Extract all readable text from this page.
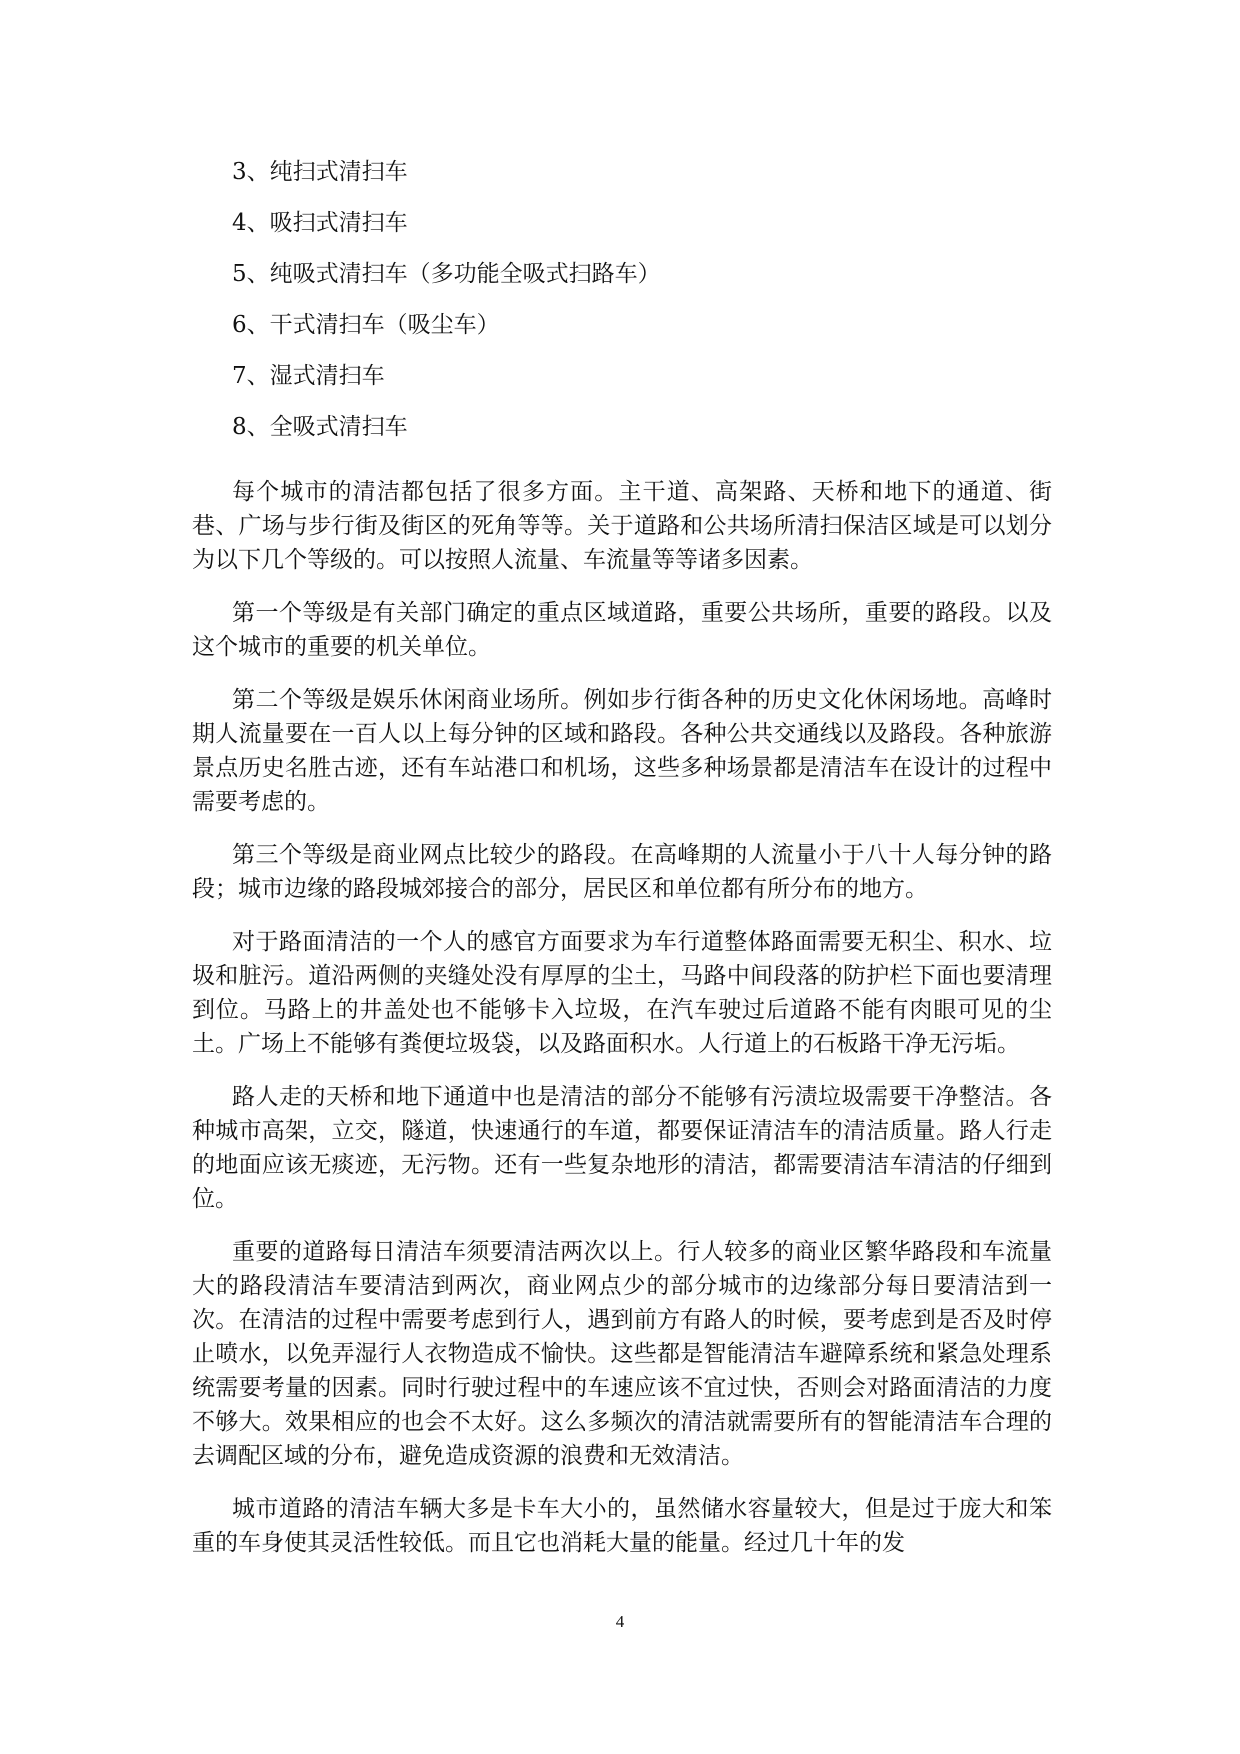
3、纯扫式清扫车
4、吸扫式清扫车
5、纯吸式清扫车（多功能全吸式扫路车）
6、干式清扫车（吸尘车）
7、湿式清扫车
8、全吸式清扫车

每个城市的清洁都包括了很多方面。主干道、高架路、天桥和地下的通道、街巷、广场与步行街及街区的死角等等。关于道路和公共场所清扫保洁区域是可以划分为以下几个等级的。可以按照人流量、车流量等等诸多因素。

第一个等级是有关部门确定的重点区域道路，重要公共场所，重要的路段。以及这个城市的重要的机关单位。

第二个等级是娱乐休闲商业场所。例如步行街各种的历史文化休闲场地。高峰时期人流量要在一百人以上每分钟的区域和路段。各种公共交通线以及路段。各种旅游景点历史名胜古迹，还有车站港口和机场，这些多种场景都是清洁车在设计的过程中需要考虑的。

第三个等级是商业网点比较少的路段。在高峰期的人流量小于八十人每分钟的路段；城市边缘的路段城郊接合的部分，居民区和单位都有所分布的地方。

对于路面清洁的一个人的感官方面要求为车行道整体路面需要无积尘、积水、垃圾和脏污。道沿两侧的夹缝处没有厚厚的尘土，马路中间段落的防护栏下面也要清理到位。马路上的井盖处也不能够卡入垃圾，在汽车驶过后道路不能有肉眼可见的尘土。广场上不能够有粪便垃圾袋，以及路面积水。人行道上的石板路干净无污垢。

路人走的天桥和地下通道中也是清洁的部分不能够有污渍垃圾需要干净整洁。各种城市高架，立交，隧道，快速通行的车道，都要保证清洁车的清洁质量。路人行走的地面应该无痰迹，无污物。还有一些复杂地形的清洁，都需要清洁车清洁的仔细到位。

重要的道路每日清洁车须要清洁两次以上。行人较多的商业区繁华路段和车流量大的路段清洁车要清洁到两次，商业网点少的部分城市的边缘部分每日要清洁到一次。在清洁的过程中需要考虑到行人，遇到前方有路人的时候，要考虑到是否及时停止喷水，以免弄湿行人衣物造成不愉快。这些都是智能清洁车避障系统和紧急处理系统需要考量的因素。同时行驶过程中的车速应该不宜过快，否则会对路面清洁的力度不够大。效果相应的也会不太好。这么多频次的清洁就需要所有的智能清洁车合理的去调配区域的分布，避免造成资源的浪费和无效清洁。

城市道路的清洁车辆大多是卡车大小的，虽然储水容量较大，但是过于庞大和笨重的车身使其灵活性较低。而且它也消耗大量的能量。经过几十年的发

4
